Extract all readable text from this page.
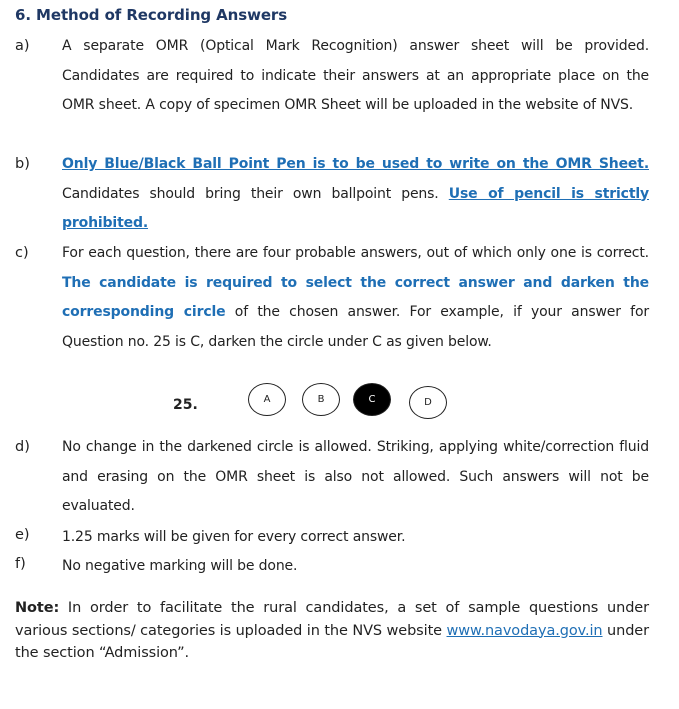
6. Method of Recording Answers
a) A separate OMR (Optical Mark Recognition) answer sheet will be provided. Candidates are required to indicate their answers at an appropriate place on the OMR sheet. A copy of specimen OMR Sheet will be uploaded in the website of NVS.
b) Only Blue/Black Ball Point Pen is to be used to write on the OMR Sheet. Candidates should bring their own ballpoint pens. Use of pencil is strictly prohibited.
c) For each question, there are four probable answers, out of which only one is correct. The candidate is required to select the correct answer and darken the corresponding circle of the chosen answer. For example, if your answer for Question no. 25 is C, darken the circle under C as given below.
25.	A	B	C	D
d) No change in the darkened circle is allowed. Striking, applying white/correction fluid and erasing on the OMR sheet is also not allowed. Such answers will not be evaluated.
e) 1.25 marks will be given for every correct answer.
f)	No negative marking will be done.
Note: In order to facilitate the rural candidates, a set of sample questions under various sections/ categories is uploaded in the NVS website www.navodaya.gov.in under the section “Admission”.
